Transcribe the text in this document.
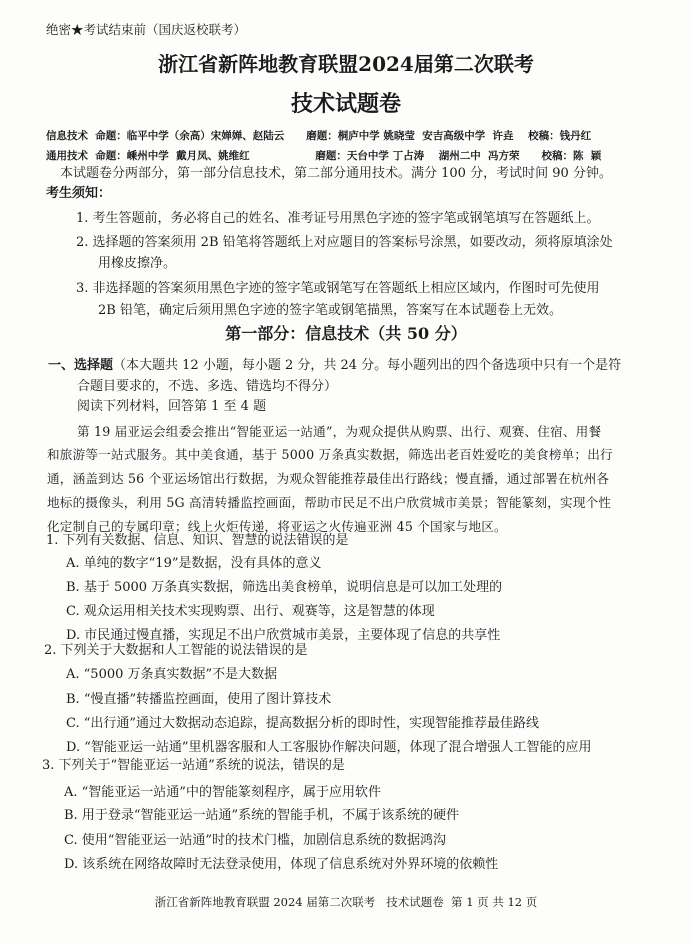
绝密★考试结束前（国庆返校联考）
浙江省新阵地教育联盟2024届第二次联考
技术试题卷
信息技术  命题：临平中学（余高）宋婵婵、赵陆云      磨题：桐庐中学 姚晓莹  安吉高级中学  许垚    校稿：钱丹红
通用技术  命题：嵊州中学  戴月凤、姚维红                  磨题：天台中学 丁占涛    湖州二中  冯方荣      校稿：陈  颖
本试题卷分两部分，第一部分信息技术，第二部分通用技术。满分 100 分，考试时间 90 分钟。
考生须知：
1. 考生答题前，务必将自己的姓名、准考证号用黑色字迹的签字笔或钢笔填写在答题纸上。
2. 选择题的答案须用 2B 铅笔将答题纸上对应题目的答案标号涂黑，如要改动，须将原填涂处
用橡皮擦净。
3. 非选择题的答案须用黑色字迹的签字笔或钢笔写在答题纸上相应区域内，作图时可先使用
2B 铅笔，确定后须用黑色字迹的签字笔或钢笔描黑，答案写在本试题卷上无效。
第一部分：信息技术（共 50 分）
一、选择题（本大题共 12 小题，每小题 2 分，共 24 分。每小题列出的四个备选项中只有一个是符
合题目要求的，不选、多选、错选均不得分）
阅读下列材料，回答第 1 至 4 题
第 19 届亚运会组委会推出“智能亚运一站通”，为观众提供从购票、出行、观赛、住宿、用餐
和旅游等一站式服务。其中美食通，基于 5000 万条真实数据，筛选出老百姓爱吃的美食榜单；出行
通，涵盖到达 56 个亚运场馆出行数据，为观众智能推荐最佳出行路线；慢直播，通过部署在杭州各
地标的摄像头，利用 5G 高清转播监控画面，帮助市民足不出户欣赏城市美景；智能篆刻，实现个性
化定制自己的专属印章；线上火炬传递，将亚运之火传遍亚洲 45 个国家与地区。
1. 下列有关数据、信息、知识、智慧的说法错误的是
A. 单纯的数字“19”是数据，没有具体的意义
B. 基于 5000 万条真实数据，筛选出美食榜单，说明信息是可以加工处理的
C. 观众运用相关技术实现购票、出行、观赛等，这是智慧的体现
D. 市民通过慢直播，实现足不出户欣赏城市美景，主要体现了信息的共享性
2. 下列关于大数据和人工智能的说法错误的是
A. “5000 万条真实数据”不是大数据
B. “慢直播”转播监控画面，使用了图计算技术
C. “出行通”通过大数据动态追踪，提高数据分析的即时性，实现智能推荐最佳路线
D. “智能亚运一站通”里机器客服和人工客服协作解决问题，体现了混合增强人工智能的应用
3. 下列关于“智能亚运一站通”系统的说法，错误的是
A. “智能亚运一站通”中的智能篆刻程序，属于应用软件
B. 用于登录“智能亚运一站通”系统的智能手机，不属于该系统的硬件
C. 使用“智能亚运一站通”时的技术门槛，加剧信息系统的数据鸿沟
D. 该系统在网络故障时无法登录使用，体现了信息系统对外界环境的依赖性
浙江省新阵地教育联盟 2024 届第二次联考   技术试题卷  第 1 页 共 12 页
